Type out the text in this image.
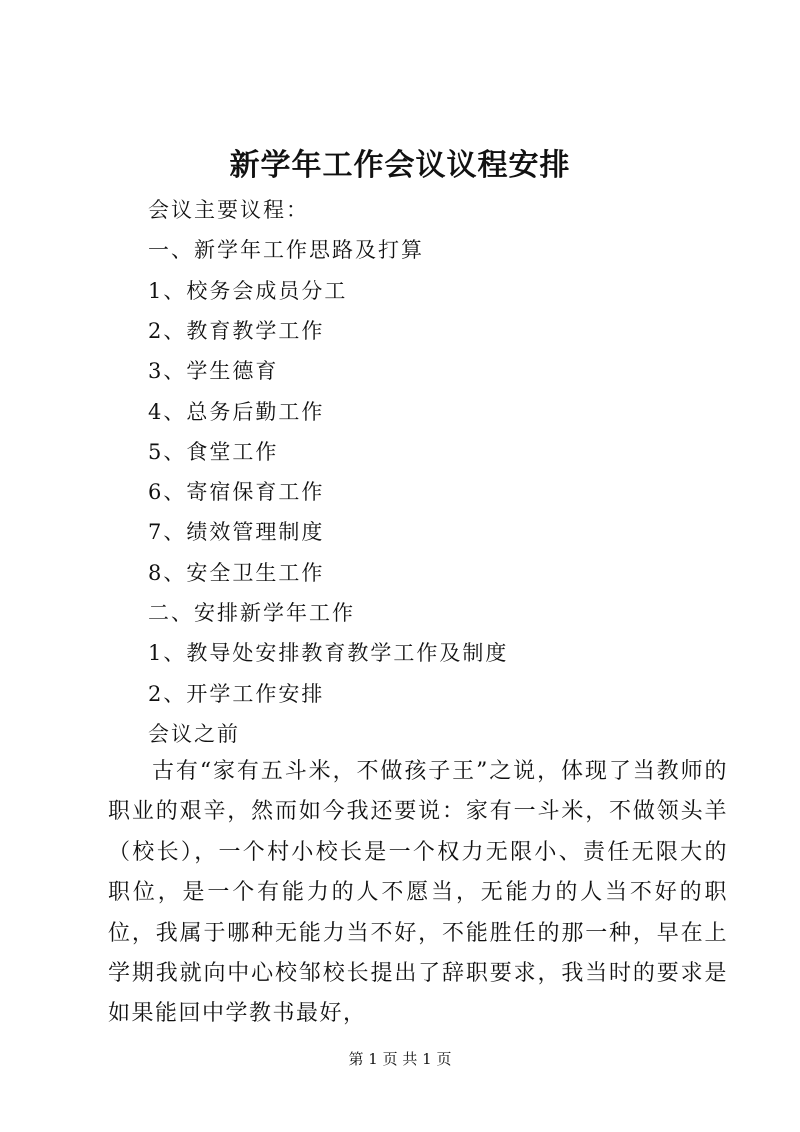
新学年工作会议议程安排
会议主要议程：
一、新学年工作思路及打算
1、校务会成员分工
2、教育教学工作
3、学生德育
4、总务后勤工作
5、食堂工作
6、寄宿保育工作
7、绩效管理制度
8、安全卫生工作
二、安排新学年工作
1、教导处安排教育教学工作及制度
2、开学工作安排
会议之前
古有“家有五斗米，不做孩子王”之说，体现了当教师的职业的艰辛，然而如今我还要说：家有一斗米，不做领头羊（校长），一个村小校长是一个权力无限小、责任无限大的职位，是一个有能力的人不愿当，无能力的人当不好的职位，我属于哪种无能力当不好，不能胜任的那一种，早在上学期我就向中心校邹校长提出了辞职要求，我当时的要求是如果能回中学教书最好，
第 1 页 共 1 页
